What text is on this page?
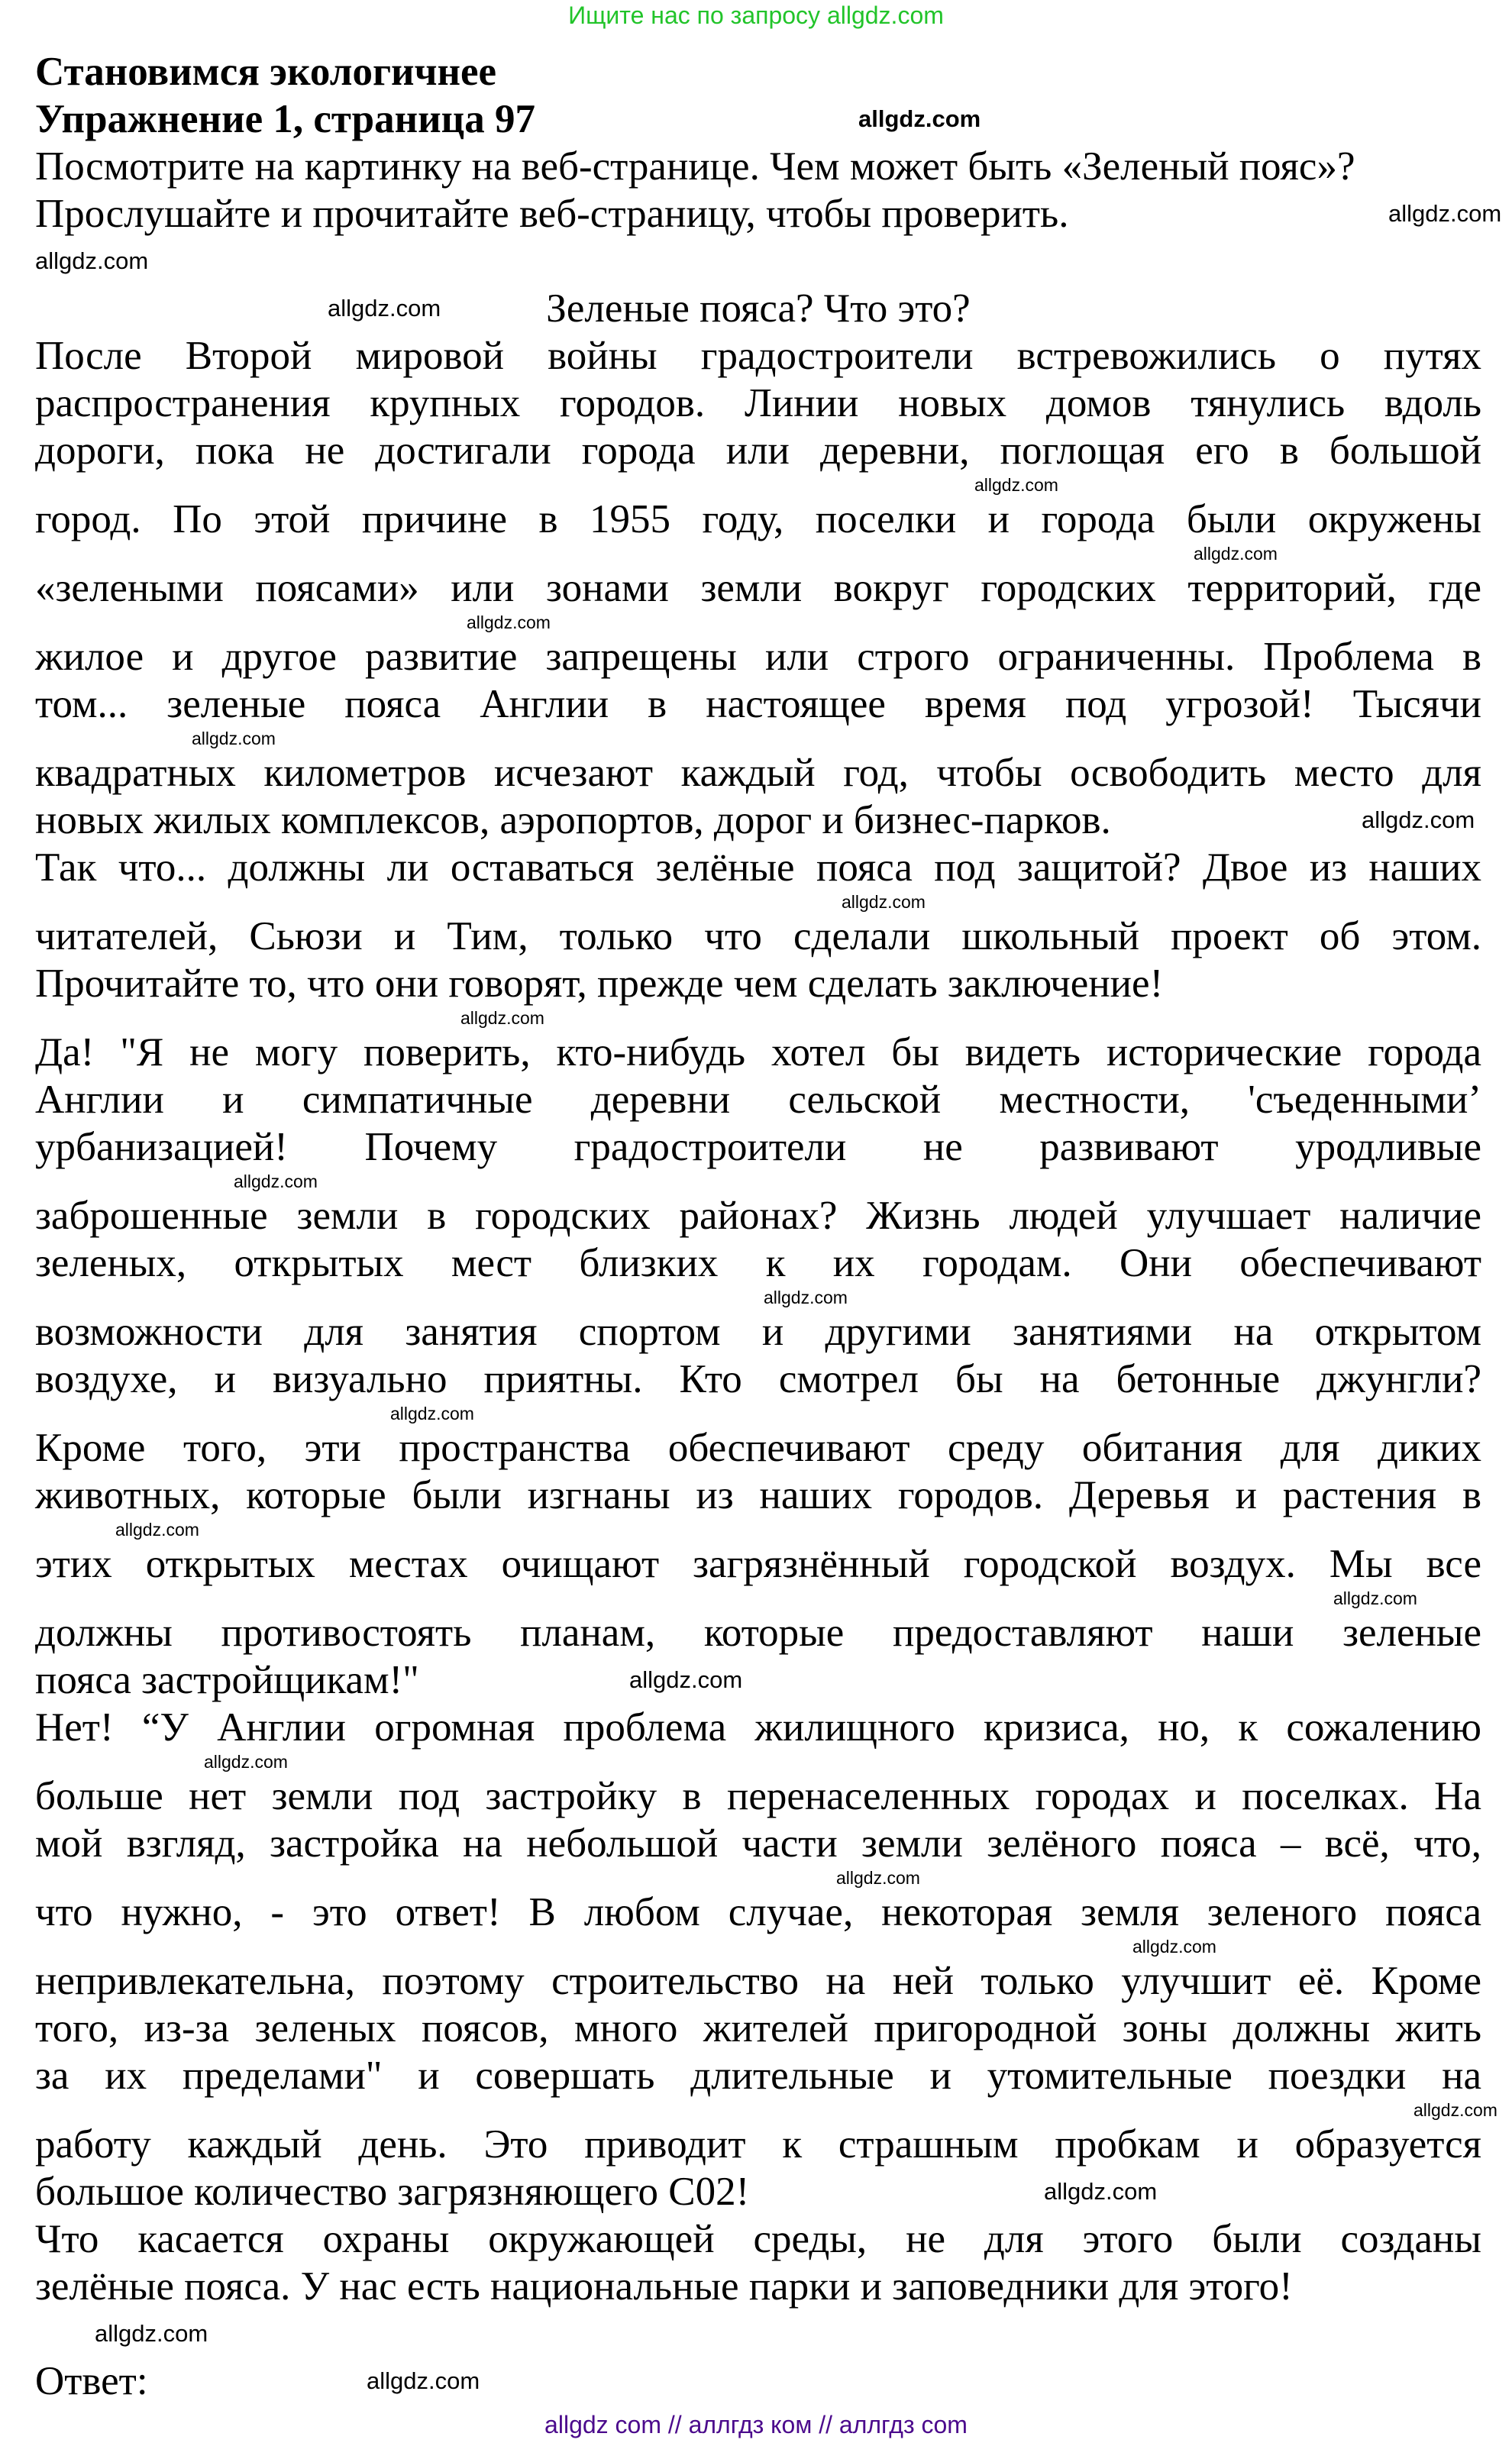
Ищите нас по запросу allgdz.com
Становимся экологичнее
Упражнение 1, страница 97	allgdz.com
Посмотрите на картинку на веб-странице. Чем может быть «Зеленый пояс»?
Прослушайте и прочитайте веб-страницу, чтобы проверить.	allgdz.com
allgdz.com
allgdz.com	Зеленые пояса? Что это?
После Второй мировой войны градостроители встревожились о путях
распространения крупных городов. Линии новых домов тянулись вдоль
дороги, пока не достигали города или деревни, поглощая его в большой
allgdz.com
город. По этой причине в 1955 году, поселки и города были окружены
allgdz.com
«зелеными поясами» или зонами земли вокруг городских территорий, где
allgdz.com
жилое и другое развитие запрещены или строго ограниченны. Проблема в
том... зеленые пояса Англии в настоящее время под угрозой! Тысячи
allgdz.com
квадратных километров исчезают каждый год, чтобы освободить место для
новых жилых комплексов, аэропортов, дорог и бизнес-парков.	allgdz.com
Так что... должны ли оставаться зелёные пояса под защитой? Двое из наших
allgdz.com
читателей, Сьюзи и Тим, только что сделали школьный проект об этом.
Прочитайте то, что они говорят, прежде чем сделать заключение!
allgdz.com
Да! "Я не могу поверить, кто-нибудь хотел бы видеть исторические города
Англии и симпатичные деревни сельской местности, 'съеденными’
урбанизацией! Почему градостроители не развивают уродливые
allgdz.com
заброшенные земли в городских районах? Жизнь людей улучшает наличие
зеленых, открытых мест близких к их городам. Они обеспечивают
allgdz.com
возможности для занятия спортом и другими занятиями на открытом
воздухе, и визуально приятны. Кто смотрел бы на бетонные джунгли?
allgdz.com
Кроме того, эти пространства обеспечивают среду обитания для диких
животных, которые были изгнаны из наших городов. Деревья и растения в
allgdz.com
этих открытых местах очищают загрязнённый городской воздух. Мы все
allgdz.com
должны противостоять планам, которые предоставляют наши зеленые
пояса застройщикам!"	allgdz.com
Нет! “У Англии огромная проблема жилищного кризиса, но, к сожалению
allgdz.com
больше нет земли под застройку в перенаселенных городах и поселках. На
мой взгляд, застройка на небольшой части земли зелёного пояса – всё, что,
allgdz.com
что нужно, - это ответ! В любом случае, некоторая земля зеленого пояса
allgdz.com
непривлекательна, поэтому строительство на ней только улучшит её. Кроме
того, из-за зеленых поясов, много жителей пригородной зоны должны жить
за их пределами" и совершать длительные и утомительные поездки на
allgdz.com
работу каждый день. Это приводит к страшным пробкам и образуется
большое количество загрязняющего С02!	allgdz.com
Что касается охраны окружающей среды, не для этого были созданы
зелёные пояса. У нас есть национальные парки и заповедники для этого!
allgdz.com
Ответ:	allgdz.com
allgdz com // аллгдз ком // аллгдз com
